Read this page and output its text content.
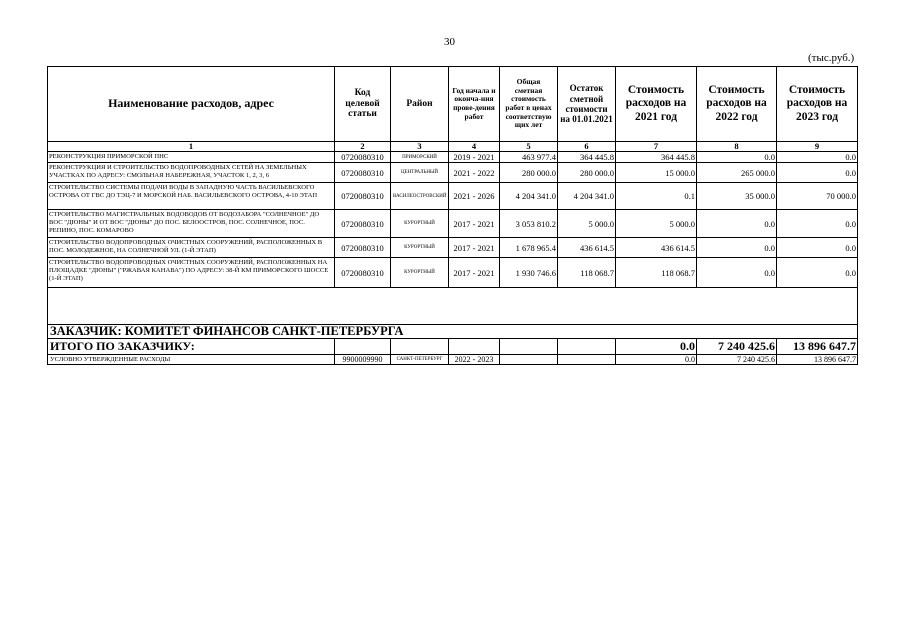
30
(тыс.руб.)
Наименование расходов, адрес	Код целевой статьи	Район	Год начала и оконча-ния прове-дения работ	Общая сметная стоимость работ в ценах соответствую щих лет	Остаток сметной стоимости на 01.01.2021	Стоимость расходов на 2021 год	Стоимость расходов на 2022 год	Стоимость расходов на 2023 год
1	2	3	4	5	6	7	8	9
РЕКОНСТРУКЦИЯ ПРИМОРСКОЙ ПНС	0720080310	ПРИМОРСКИЙ	2019 - 2021	463 977.4	364 445.8	364 445.8	0.0	0.0
РЕКОНСТРУКЦИЯ И СТРОИТЕЛЬСТВО ВОДОПРОВОДНЫХ СЕТЕЙ НА ЗЕМЕЛЬНЫХ УЧАСТКАХ ПО АДРЕСУ: СМОЛЬНАЯ НАБЕРЕЖНАЯ, УЧАСТОК 1, 2, 3, 6	0720080310	ЦЕНТРАЛЬНЫЙ	2021 - 2022	280 000.0	280 000.0	15 000.0	265 000.0	0.0
СТРОИТЕЛЬСТВО СИСТЕМЫ ПОДАЧИ ВОДЫ В ЗАПАДНУЮ ЧАСТЬ ВАСИЛЬЕВСКОГО ОСТРОВА ОТ ГВС ДО ТЭЦ-7 И МОРСКОЙ НАБ. ВАСИЛЬЕВСКОГО ОСТРОВА, 4-10 ЭТАП	0720080310	ВАСИЛЕОСТРОВСКИЙ	2021 - 2026	4 204 341.0	4 204 341.0	0.1	35 000.0	70 000.0
СТРОИТЕЛЬСТВО МАГИСТРАЛЬНЫХ ВОДОВОДОВ ОТ ВОДОЗАБОРА "СОЛНЕЧНОЕ" ДО ВОС "ДЮНЫ" И ОТ ВОС "ДЮНЫ" ДО ПОС. БЕЛООСТРОВ, ПОС. СОЛНЕЧНОЕ, ПОС. РЕПИНО, ПОС. КОМАРОВО	0720080310	КУРОРТНЫЙ	2017 - 2021	3 053 810.2	5 000.0	5 000.0	0.0	0.0
СТРОИТЕЛЬСТВО ВОДОПРОВОДНЫХ ОЧИСТНЫХ СООРУЖЕНИЙ, РАСПОЛОЖЕННЫХ В ПОС. МОЛОДЕЖНОЕ, НА СОЛНЕЧНОЙ УЛ. (1-Й ЭТАП)	0720080310	КУРОРТНЫЙ	2017 - 2021	1 678 965.4	436 614.5	436 614.5	0.0	0.0
СТРОИТЕЛЬСТВО ВОДОПРОВОДНЫХ ОЧИСТНЫХ СООРУЖЕНИЙ, РАСПОЛОЖЕННЫХ НА ПЛОЩАДКЕ "ДЮНЫ" ("РЖАВАЯ КАНАВА") ПО АДРЕСУ: 38-Й КМ ПРИМОРСКОГО ШОССЕ (1-Й ЭТАП)	0720080310	КУРОРТНЫЙ	2017 - 2021	1 930 746.6	118 068.7	118 068.7	0.0	0.0

ЗАКАЗЧИК: КОМИТЕТ ФИНАНСОВ САНКТ-ПЕТЕРБУРГА								
ИТОГО ПО ЗАКАЗЧИКУ:						0.0	7 240 425.6	13 896 647.7
УСЛОВНО УТВЕРЖДЕННЫЕ РАСХОДЫ	9900009990	САНКТ-ПЕТЕРБУРГ	2022 - 2023			0.0	7 240 425.6	13 896 647.7
